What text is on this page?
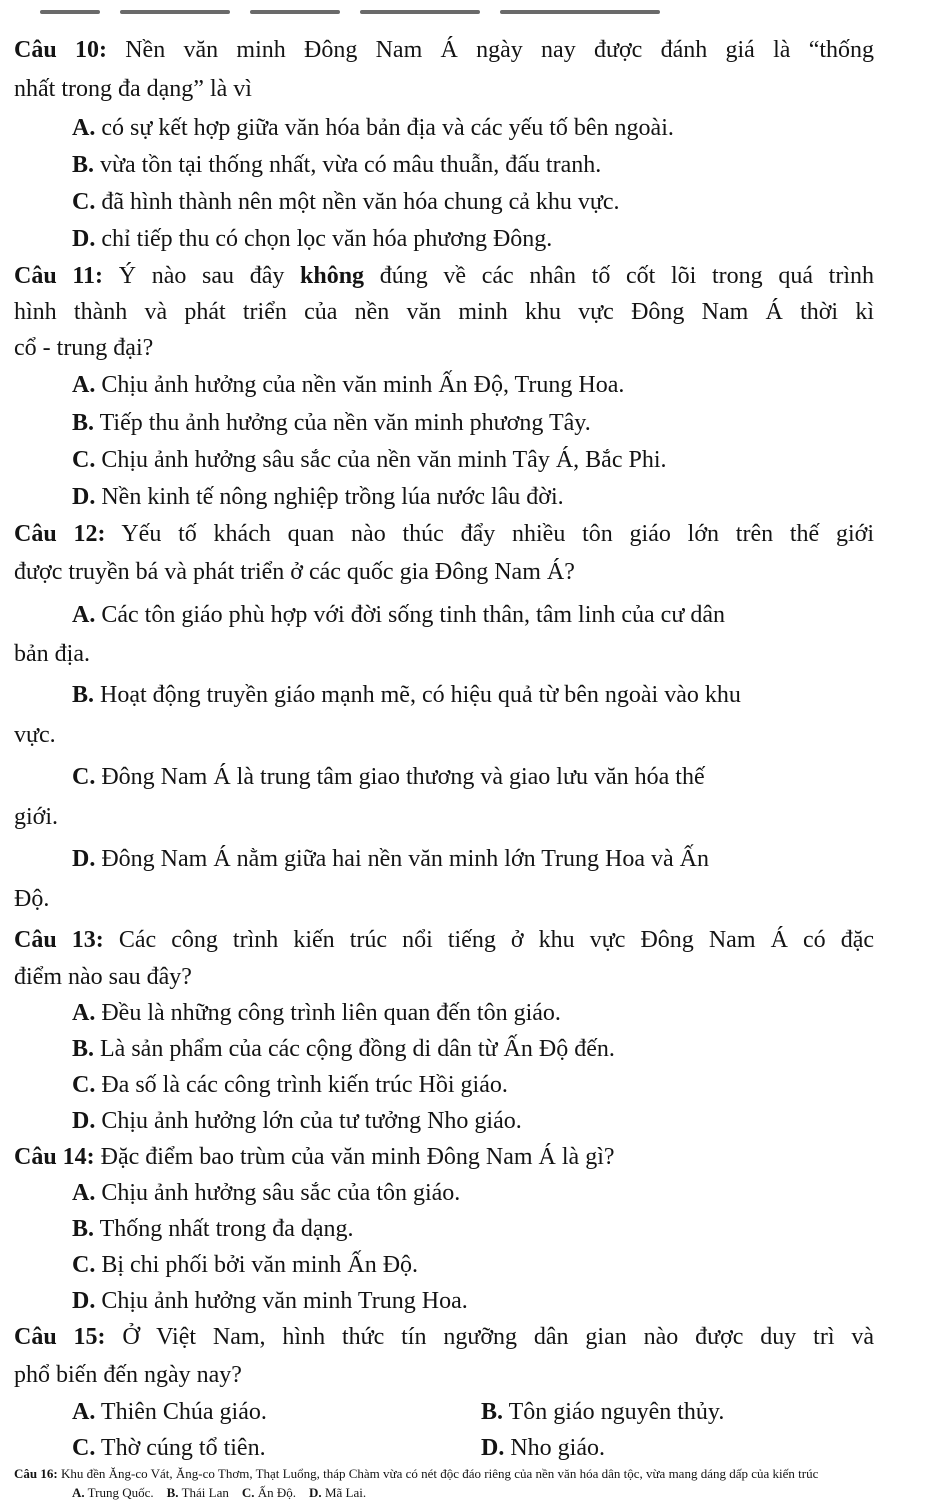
Câu 10: Nền văn minh Đông Nam Á ngày nay được đánh giá là “thống
nhất trong đa dạng” là vì
A. có sự kết hợp giữa văn hóa bản địa và các yếu tố bên ngoài.
B. vừa tồn tại thống nhất, vừa có mâu thuẫn, đấu tranh.
C. đã hình thành nên một nền văn hóa chung cả khu vực.
D. chỉ tiếp thu có chọn lọc văn hóa phương Đông.
Câu 11: Ý nào sau đây không đúng về các nhân tố cốt lõi trong quá trình
hình thành và phát triển của nền văn minh khu vực Đông Nam Á thời kì
cổ - trung đại?
A. Chịu ảnh hưởng của nền văn minh Ấn Độ, Trung Hoa.
B. Tiếp thu ảnh hưởng của nền văn minh phương Tây.
C. Chịu ảnh hưởng sâu sắc của nền văn minh Tây Á, Bắc Phi.
D. Nền kinh tế nông nghiệp trồng lúa nước lâu đời.
Câu 12: Yếu tố khách quan nào thúc đẩy nhiều tôn giáo lớn trên thế giới
được truyền bá và phát triển ở các quốc gia Đông Nam Á?
A. Các tôn giáo phù hợp với đời sống tinh thân, tâm linh của cư dân
bản địa.
B. Hoạt động truyền giáo mạnh mẽ, có hiệu quả từ bên ngoài vào khu
vực.
C. Đông Nam Á là trung tâm giao thương và giao lưu văn hóa thế
giới.
D. Đông Nam Á nằm giữa hai nền văn minh lớn Trung Hoa và Ấn
Độ.
Câu 13: Các công trình kiến trúc nổi tiếng ở khu vực Đông Nam Á có đặc
điểm nào sau đây?
A. Đều là những công trình liên quan đến tôn giáo.
B. Là sản phẩm của các cộng đồng di dân từ Ấn Độ đến.
C. Đa số là các công trình kiến trúc Hồi giáo.
D. Chịu ảnh hưởng lớn của tư tưởng Nho giáo.
Câu 14: Đặc điểm bao trùm của văn minh Đông Nam Á là gì?
A. Chịu ảnh hưởng sâu sắc của tôn giáo.
B. Thống nhất trong đa dạng.
C. Bị chi phối bởi văn minh Ấn Độ.
D. Chịu ảnh hưởng văn minh Trung Hoa.
Câu 15: Ở Việt Nam, hình thức tín ngưỡng dân gian nào được duy trì và
phổ biến đến ngày nay?
A. Thiên Chúa giáo.	B. Tôn giáo nguyên thủy.
C. Thờ cúng tổ tiên.	D. Nho giáo.
Câu 16: Khu đền Ăng-co Vát, Ăng-co Thơm, Thạt Luổng, tháp Chàm vừa có nét độc đáo riêng của nền văn hóa dân tộc, vừa mang dáng dấp của kiến trúc
A. Trung Quốc. B. Thái Lan C. Ấn Độ. D. Mã Lai.
